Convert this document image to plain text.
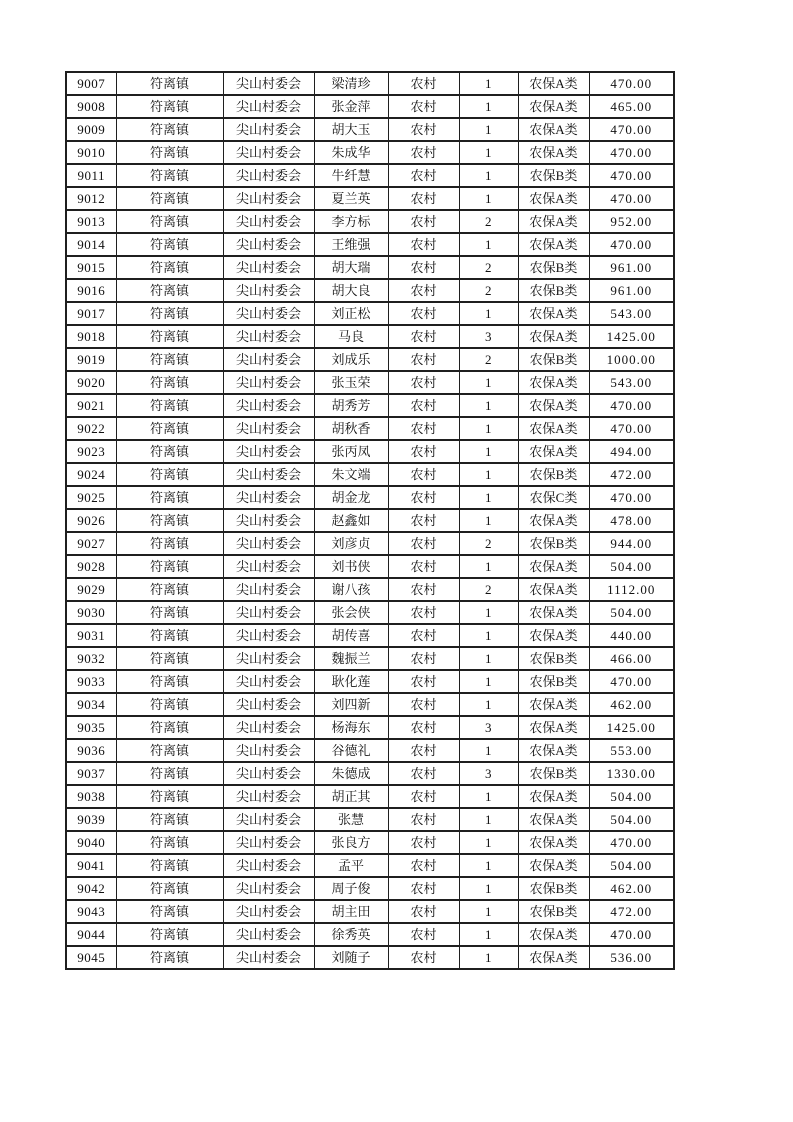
9007	符离镇	尖山村委会	梁清珍	农村	1	农保A类	470.00
9008	符离镇	尖山村委会	张金萍	农村	1	农保A类	465.00
9009	符离镇	尖山村委会	胡大玉	农村	1	农保A类	470.00
9010	符离镇	尖山村委会	朱成华	农村	1	农保A类	470.00
9011	符离镇	尖山村委会	牛纤慧	农村	1	农保B类	470.00
9012	符离镇	尖山村委会	夏兰英	农村	1	农保A类	470.00
9013	符离镇	尖山村委会	李方标	农村	2	农保A类	952.00
9014	符离镇	尖山村委会	王维强	农村	1	农保A类	470.00
9015	符离镇	尖山村委会	胡大瑞	农村	2	农保B类	961.00
9016	符离镇	尖山村委会	胡大良	农村	2	农保B类	961.00
9017	符离镇	尖山村委会	刘正松	农村	1	农保A类	543.00
9018	符离镇	尖山村委会	马良	农村	3	农保A类	1425.00
9019	符离镇	尖山村委会	刘成乐	农村	2	农保B类	1000.00
9020	符离镇	尖山村委会	张玉荣	农村	1	农保A类	543.00
9021	符离镇	尖山村委会	胡秀芳	农村	1	农保A类	470.00
9022	符离镇	尖山村委会	胡秋香	农村	1	农保A类	470.00
9023	符离镇	尖山村委会	张丙凤	农村	1	农保A类	494.00
9024	符离镇	尖山村委会	朱文端	农村	1	农保B类	472.00
9025	符离镇	尖山村委会	胡金龙	农村	1	农保C类	470.00
9026	符离镇	尖山村委会	赵鑫如	农村	1	农保A类	478.00
9027	符离镇	尖山村委会	刘彦贞	农村	2	农保B类	944.00
9028	符离镇	尖山村委会	刘书侠	农村	1	农保A类	504.00
9029	符离镇	尖山村委会	谢八孩	农村	2	农保A类	1112.00
9030	符离镇	尖山村委会	张会侠	农村	1	农保A类	504.00
9031	符离镇	尖山村委会	胡传喜	农村	1	农保A类	440.00
9032	符离镇	尖山村委会	魏振兰	农村	1	农保B类	466.00
9033	符离镇	尖山村委会	耿化莲	农村	1	农保B类	470.00
9034	符离镇	尖山村委会	刘四新	农村	1	农保A类	462.00
9035	符离镇	尖山村委会	杨海东	农村	3	农保A类	1425.00
9036	符离镇	尖山村委会	谷德礼	农村	1	农保A类	553.00
9037	符离镇	尖山村委会	朱德成	农村	3	农保B类	1330.00
9038	符离镇	尖山村委会	胡正其	农村	1	农保A类	504.00
9039	符离镇	尖山村委会	张慧	农村	1	农保A类	504.00
9040	符离镇	尖山村委会	张良方	农村	1	农保A类	470.00
9041	符离镇	尖山村委会	孟平	农村	1	农保A类	504.00
9042	符离镇	尖山村委会	周子俊	农村	1	农保B类	462.00
9043	符离镇	尖山村委会	胡主田	农村	1	农保B类	472.00
9044	符离镇	尖山村委会	徐秀英	农村	1	农保A类	470.00
9045	符离镇	尖山村委会	刘随子	农村	1	农保A类	536.00
